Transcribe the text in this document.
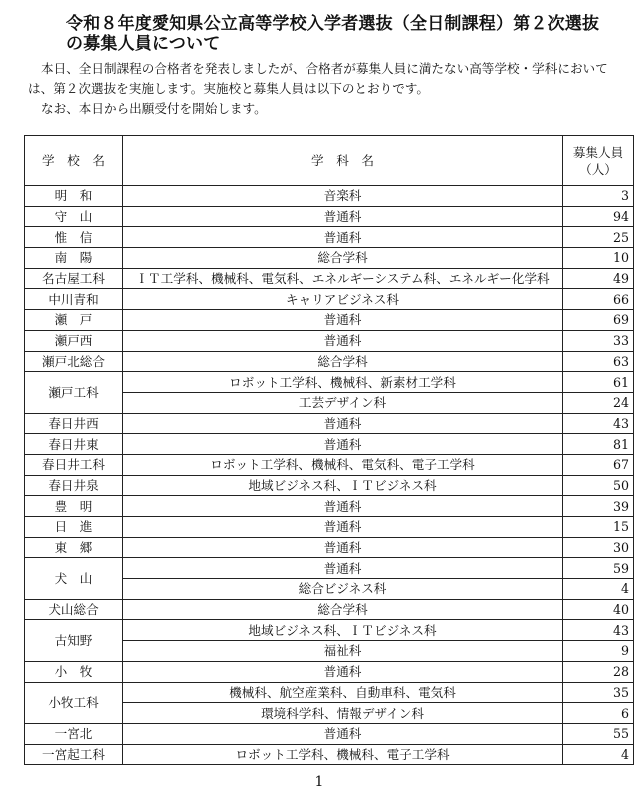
令和８年度愛知県公立高等学校入学者選抜（全日制課程）第２次選抜
の募集人員について

本日、全日制課程の合格者を発表しましたが、合格者が募集人員に満たない高等学校・学科においては、第２次選抜を実施します。実施校と募集人員は以下のとおりです。

なお、本日から出願受付を開始します。

学　校　名	学　科　名	募集人員
（人）
明　和	音楽科	3
守　山	普通科	94
惟　信	普通科	25
南　陽	総合学科	10
名古屋工科	ＩＴ工学科、機械科、電気科、エネルギーシステム科、エネルギー化学科	49
中川青和	キャリアビジネス科	66
瀬　戸	普通科	69
瀬戸西	普通科	33
瀬戸北総合	総合学科	63
瀬戸工科	ロボット工学科、機械科、新素材工学科	61
	工芸デザイン科	24
春日井西	普通科	43
春日井東	普通科	81
春日井工科	ロボット工学科、機械科、電気科、電子工学科	67
春日井泉	地域ビジネス科、ＩＴビジネス科	50
豊　明	普通科	39
日　進	普通科	15
東　郷	普通科	30
犬　山	普通科	59
	総合ビジネス科	4
犬山総合	総合学科	40
古知野	地域ビジネス科、ＩＴビジネス科	43
	福祉科	9
小　牧	普通科	28
小牧工科	機械科、航空産業科、自動車科、電気科	35
	環境科学科、情報デザイン科	6
一宮北	普通科	55
一宮起工科	ロボット工学科、機械科、電子工学科	4
1
